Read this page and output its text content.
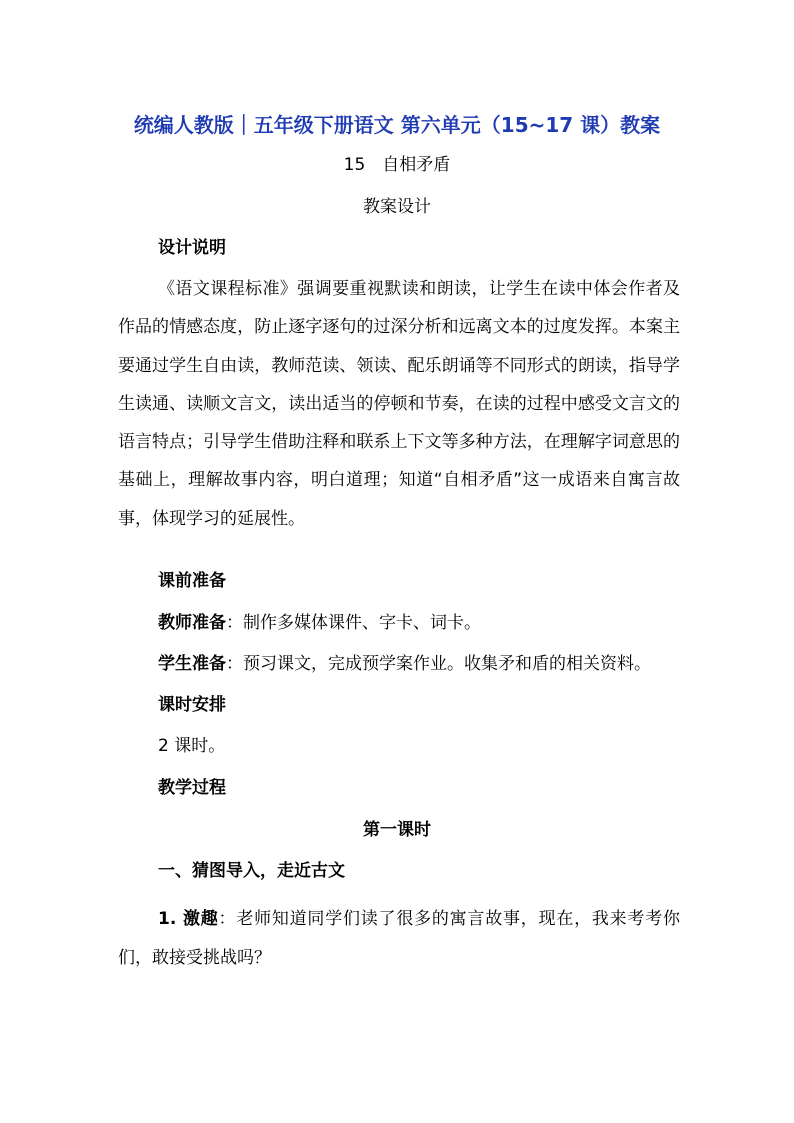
统编人教版｜五年级下册语文 第六单元（15~17 课）教案
15　自相矛盾
教案设计
设计说明

《语文课程标准》强调要重视默读和朗读，让学生在读中体会作者及作品的情感态度，防止逐字逐句的过深分析和远离文本的过度发挥。本案主要通过学生自由读，教师范读、领读、配乐朗诵等不同形式的朗读，指导学生读通、读顺文言文，读出适当的停顿和节奏，在读的过程中感受文言文的语言特点；引导学生借助注释和联系上下文等多种方法，在理解字词意思的基础上，理解故事内容，明白道理；知道“自相矛盾”这一成语来自寓言故事，体现学习的延展性。

课前准备
教师准备：制作多媒体课件、字卡、词卡。
学生准备：预习课文，完成预学案作业。收集矛和盾的相关资料。
课时安排
2 课时。
教学过程
第一课时
一、猜图导入，走近古文

1. 激趣：老师知道同学们读了很多的寓言故事，现在，我来考考你们，敢接受挑战吗？
